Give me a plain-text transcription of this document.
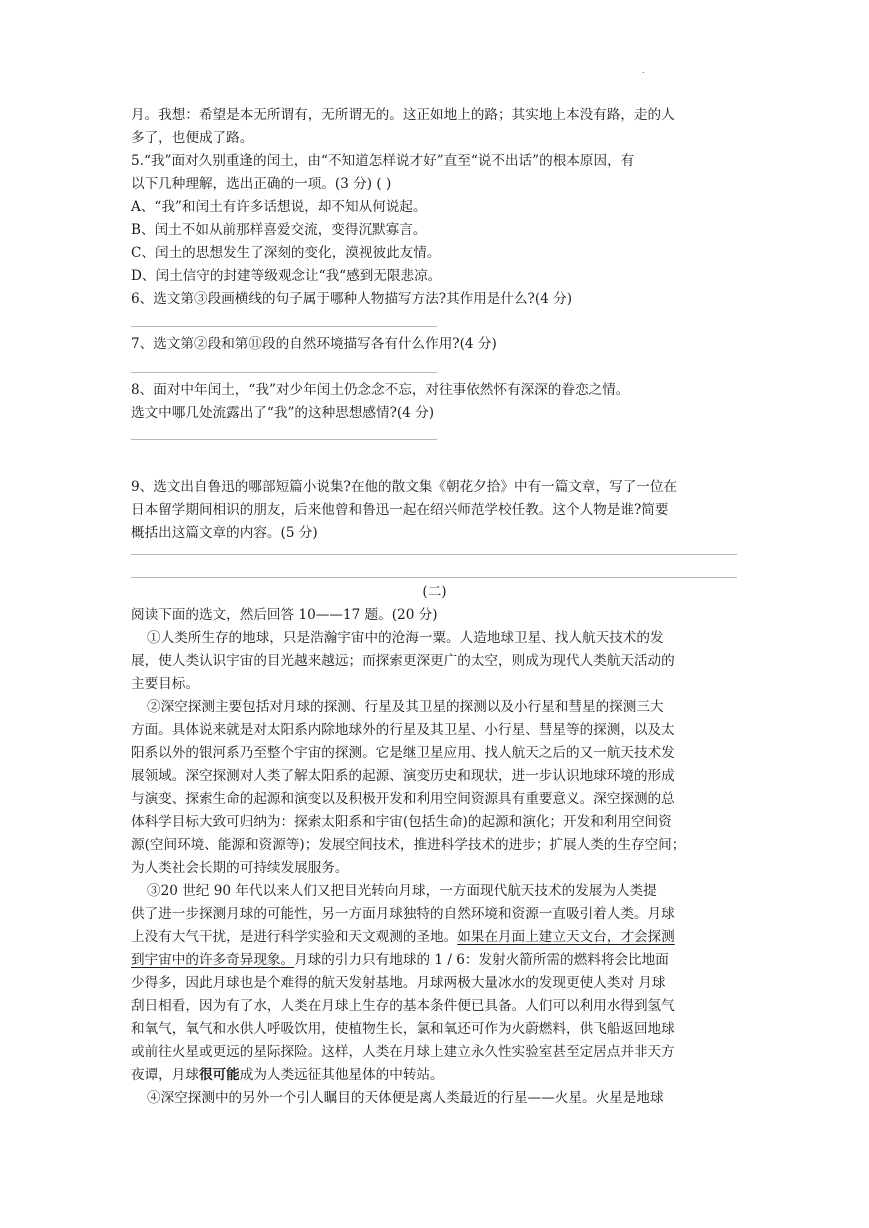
.
月。我想：希望是本无所谓有，无所谓无的。这正如地上的路；其实地上本没有路，走的人
多了，也便成了路。
5.“我”面对久别重逢的闰土，由“不知道怎样说才好”直至“说不出话”的根本原因，有
以下几种理解，选出正确的一项。(3 分) ( )
A、“我”和闰土有许多话想说，却不知从何说起。
B、闰土不如从前那样喜爱交流，变得沉默寡言。
C、闰土的思想发生了深刻的变化，漠视彼此友情。
D、闰土信守的封建等级观念让“我“感到无限悲凉。
6、选文第③段画横线的句子属于哪种人物描写方法?其作用是什么?(4 分)
7、选文第②段和第⑪段的自然环境描写各有什么作用?(4 分)
8、面对中年闰土，“我”对少年闰土仍念念不忘，对往事依然怀有深深的眷恋之情。
选文中哪几处流露出了“我”的这种思想感情?(4 分)
9、选文出自鲁迅的哪部短篇小说集?在他的散文集《朝花夕拾》中有一篇文章，写了一位在
日本留学期间相识的朋友，后来他曾和鲁迅一起在绍兴师范学校任教。这个人物是谁?简要
概括出这篇文章的内容。(5 分)
(二)
阅读下面的选文，然后回答 10——17 题。(20 分)
①人类所生存的地球，只是浩瀚宇宙中的沧海一粟。人造地球卫星、找人航天技术的发
展，使人类认识宇宙的目光越来越远；而探索更深更广的太空，则成为现代人类航天活动的
主要目标。
②深空探测主要包括对月球的探测、行星及其卫星的探测以及小行星和彗星的探测三大
方面。具体说来就是对太阳系内除地球外的行星及其卫星、小行星、彗星等的探测，以及太
阳系以外的银河系乃至整个宇宙的探测。它是继卫星应用、找人航天之后的又一航天技术发
展领域。深空探测对人类了解太阳系的起源、演变历史和现状，进一步认识地球环境的形成
与演变、探索生命的起源和演变以及积极开发和利用空间资源具有重要意义。深空探测的总
体科学目标大致可归纳为：探索太阳系和宇宙(包括生命)的起源和演化；开发和利用空间资
源(空间环境、能源和资源等)；发展空间技术，推进科学技术的进步；扩展人类的生存空间；
为人类社会长期的可持续发展服务。
③20 世纪 90 年代以来人们又把目光转向月球，一方面现代航天技术的发展为人类提
供了进一步探测月球的可能性，另一方面月球独特的自然环境和资源一直吸引着人类。月球
上没有大气干扰，是进行科学实验和天文观测的圣地。如果在月面上建立天文台，才会探测
到宇宙中的许多奇异现象。月球的引力只有地球的 1 / 6：发射火箭所需的燃料将会比地面
少得多，因此月球也是个难得的航天发射基地。月球两极大量冰水的发现更使人类对 月球
刮日相看，因为有了水，人类在月球上生存的基本条件便已具备。人们可以利用水得到氢气
和氧气，氧气和水供人呼吸饮用，使植物生长，氯和氧还可作为火蔚燃料，供飞船返回地球
或前往火星或更远的星际探险。这样，人类在月球上建立永久性实验室甚至定居点并非天方
夜谭，月球很可能成为人类远征其他星体的中转站。
④深空探测中的另外一个引人瞩目的天体便是离人类最近的行星——火星。火星是地球
